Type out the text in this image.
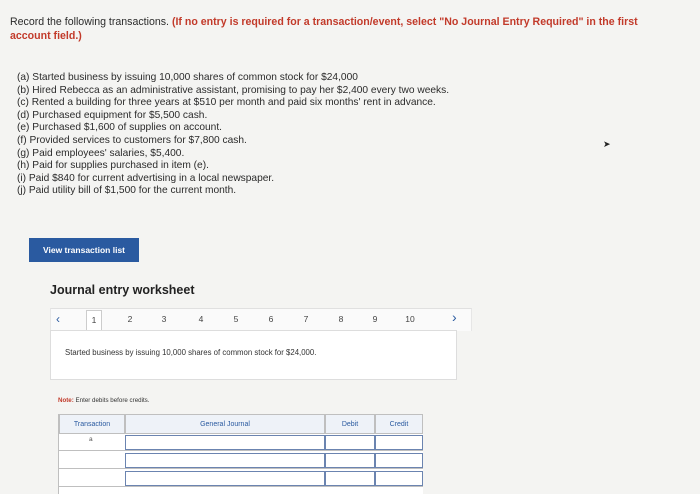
Record the following transactions. (If no entry is required for a transaction/event, select "No Journal Entry Required" in the first account field.)
(a) Started business by issuing 10,000 shares of common stock for $24,000
(b) Hired Rebecca as an administrative assistant, promising to pay her $2,400 every two weeks.
(c) Rented a building for three years at $510 per month and paid six months' rent in advance.
(d) Purchased equipment for $5,500 cash.
(e) Purchased $1,600 of supplies on account.
(f) Provided services to customers for $7,800 cash.
(g) Paid employees' salaries, $5,400.
(h) Paid for supplies purchased in item (e).
(i) Paid $840 for current advertising in a local newspaper.
(j) Paid utility bill of $1,500 for the current month.
View transaction list
Journal entry worksheet
‹	1	2	3	4	5	6	7	8	9	10	›
Started business by issuing 10,000 shares of common stock for $24,000.
Note: Enter debits before credits.
Transaction	General Journal	Debit	Credit
a
➤
